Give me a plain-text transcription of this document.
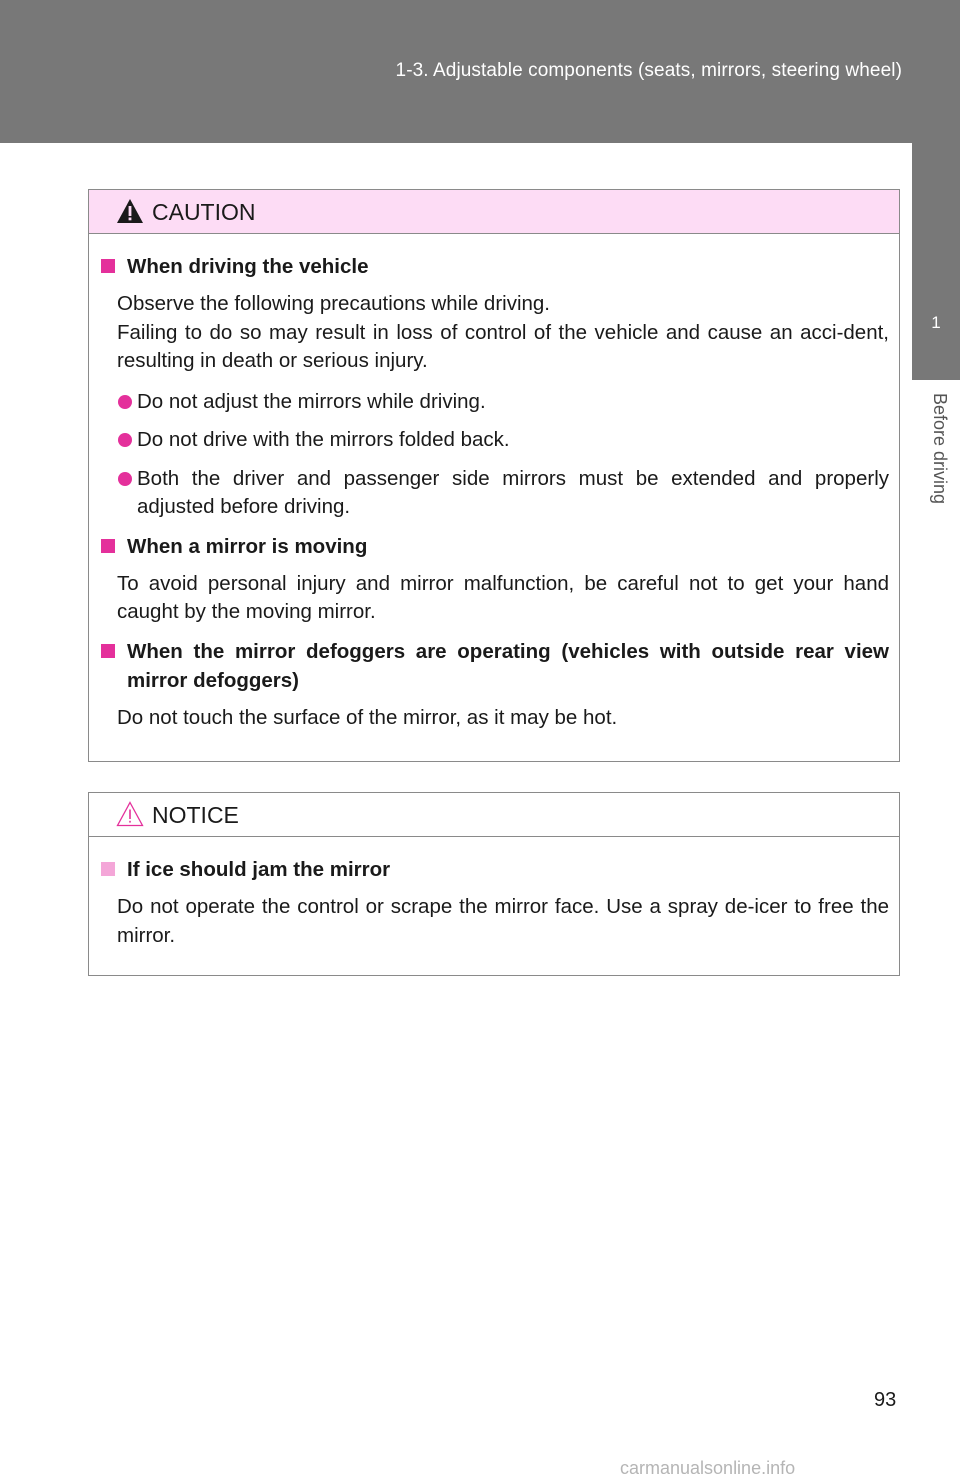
1-3. Adjustable components (seats, mirrors, steering wheel)
1
Before driving
CAUTION
When driving the vehicle
Observe the following precautions while driving.
Failing to do so may result in loss of control of the vehicle and cause an acci-dent, resulting in death or serious injury.
Do not adjust the mirrors while driving.
Do not drive with the mirrors folded back.
Both the driver and passenger side mirrors must be extended and properly adjusted before driving.
When a mirror is moving
To avoid personal injury and mirror malfunction, be careful not to get your hand caught by the moving mirror.
When the mirror defoggers are operating (vehicles with outside rear view mirror defoggers)
Do not touch the surface of the mirror, as it may be hot.
NOTICE
If ice should jam the mirror
Do not operate the control or scrape the mirror face. Use a spray de-icer to free the mirror.
93
carmanualsonline.info
